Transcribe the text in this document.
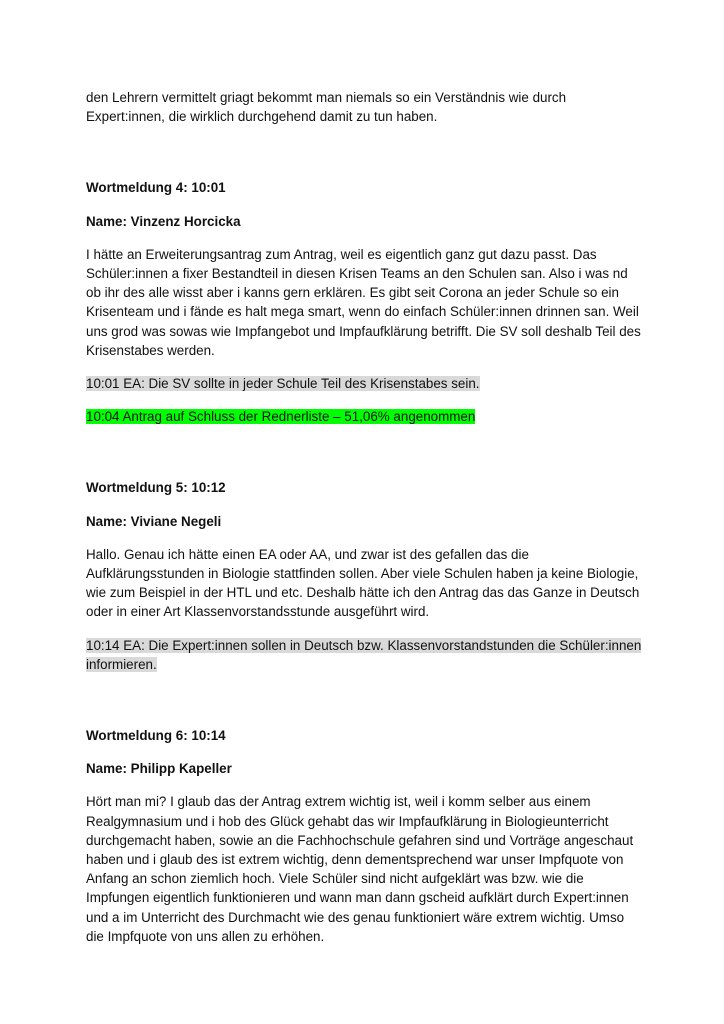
den Lehrern vermittelt griagt bekommt man niemals so ein Verständnis wie durch Expert:innen, die wirklich durchgehend damit zu tun haben.

Wortmeldung 4: 10:01

Name: Vinzenz Horcicka

I hätte an Erweiterungsantrag zum Antrag, weil es eigentlich ganz gut dazu passt. Das Schüler:innen a fixer Bestandteil in diesen Krisen Teams an den Schulen san. Also i was nd ob ihr des alle wisst aber i kanns gern erklären. Es gibt seit Corona an jeder Schule so ein Krisenteam und i fände es halt mega smart, wenn do einfach Schüler:innen drinnen san. Weil uns grod was sowas wie Impfangebot und Impfaufklärung betrifft. Die SV soll deshalb Teil des Krisenstabes werden.

10:01 EA: Die SV sollte in jeder Schule Teil des Krisenstabes sein.

10:04 Antrag auf Schluss der Rednerliste – 51,06% angenommen

Wortmeldung 5: 10:12

Name: Viviane Negeli

Hallo. Genau ich hätte einen EA oder AA, und zwar ist des gefallen das die Aufklärungsstunden in Biologie stattfinden sollen. Aber viele Schulen haben ja keine Biologie, wie zum Beispiel in der HTL und etc. Deshalb hätte ich den Antrag das das Ganze in Deutsch oder in einer Art Klassenvorstandsstunde ausgeführt wird.

10:14 EA: Die Expert:innen sollen in Deutsch bzw. Klassenvorstandstunden die Schüler:innen informieren.

Wortmeldung 6: 10:14

Name: Philipp Kapeller

Hört man mi? I glaub das der Antrag extrem wichtig ist, weil i komm selber aus einem Realgymnasium und i hob des Glück gehabt das wir Impfaufklärung in Biologieunterricht durchgemacht haben, sowie an die Fachhochschule gefahren sind und Vorträge angeschaut haben und i glaub des ist extrem wichtig, denn dementsprechend war unser Impfquote von Anfang an schon ziemlich hoch. Viele Schüler sind nicht aufgeklärt was bzw. wie die Impfungen eigentlich funktionieren und wann man dann gscheid aufklärt durch Expert:innen und a im Unterricht des Durchmacht wie des genau funktioniert wäre extrem wichtig. Umso die Impfquote von uns allen zu erhöhen.
